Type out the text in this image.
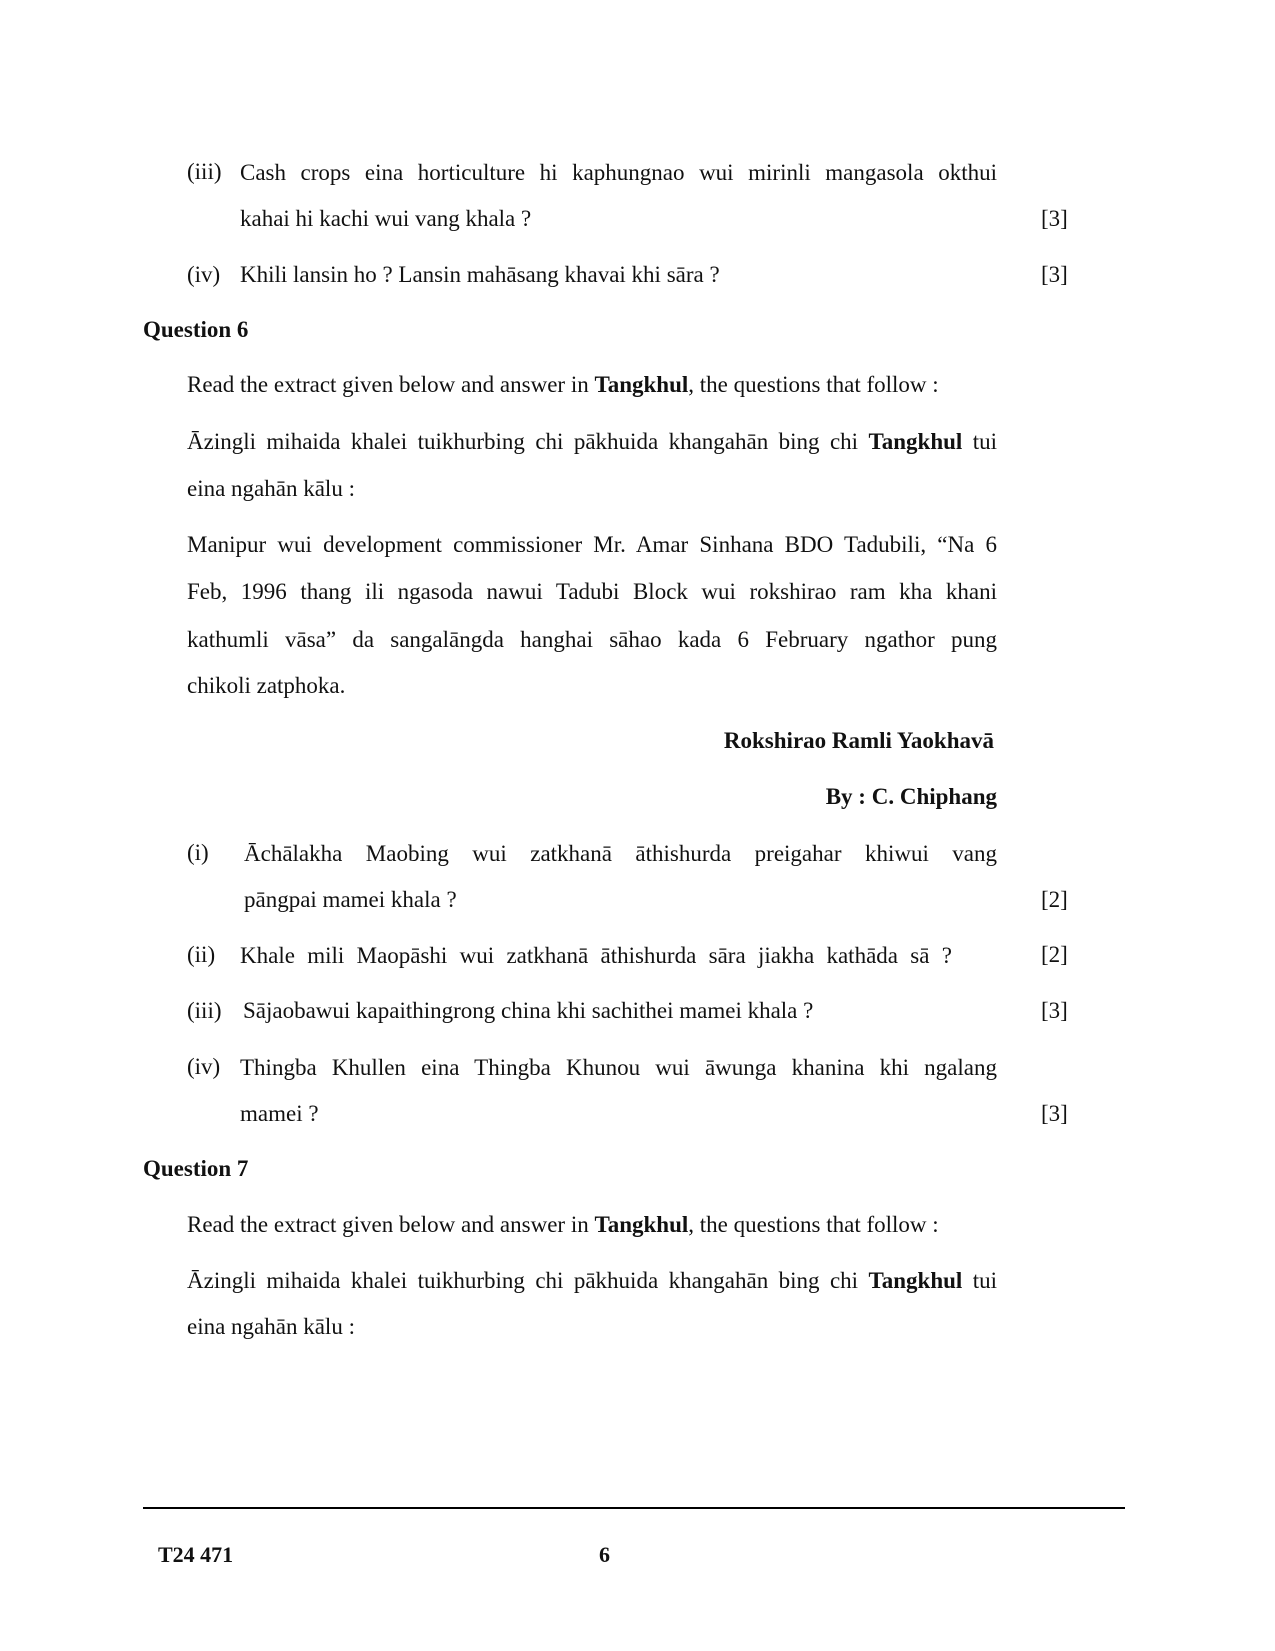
(iii) Cash crops eina horticulture hi kaphungnao wui mirinli mangasola okthui
kahai hi kachi wui vang khala ?	[3]
(iv) Khili lansin ho ? Lansin mahāsang khavai khi sāra ?	[3]
Question 6
Read the extract given below and answer in Tangkhul, the questions that follow :
Āzingli mihaida khalei tuikhurbing chi pākhuida khangahān bing chi Tangkhul tui
eina ngahān kālu :
Manipur wui development commissioner Mr. Amar Sinhana BDO Tadubili, “Na 6
Feb, 1996 thang ili ngasoda nawui Tadubi Block wui rokshirao ram kha khani
kathumli vāsa” da sangalāngda hanghai sāhao kada 6 February ngathor pung
chikoli zatphoka.
Rokshirao Ramli Yaokhavā
By : C. Chiphang
(i) Āchālakha Maobing wui zatkhanā āthishurda preigahar khiwui vang
pāngpai mamei khala ?	[2]
(ii) Khale mili Maopāshi wui zatkhanā āthishurda sāra jiakha kathāda sā ?	[2]
(iii) Sājaobawui kapaithingrong china khi sachithei mamei khala ?	[3]
(iv) Thingba Khullen eina Thingba Khunou wui āwunga khanina khi ngalang
mamei ?	[3]
Question 7
Read the extract given below and answer in Tangkhul, the questions that follow :
Āzingli mihaida khalei tuikhurbing chi pākhuida khangahān bing chi Tangkhul tui
eina ngahān kālu :
T24 471	6
